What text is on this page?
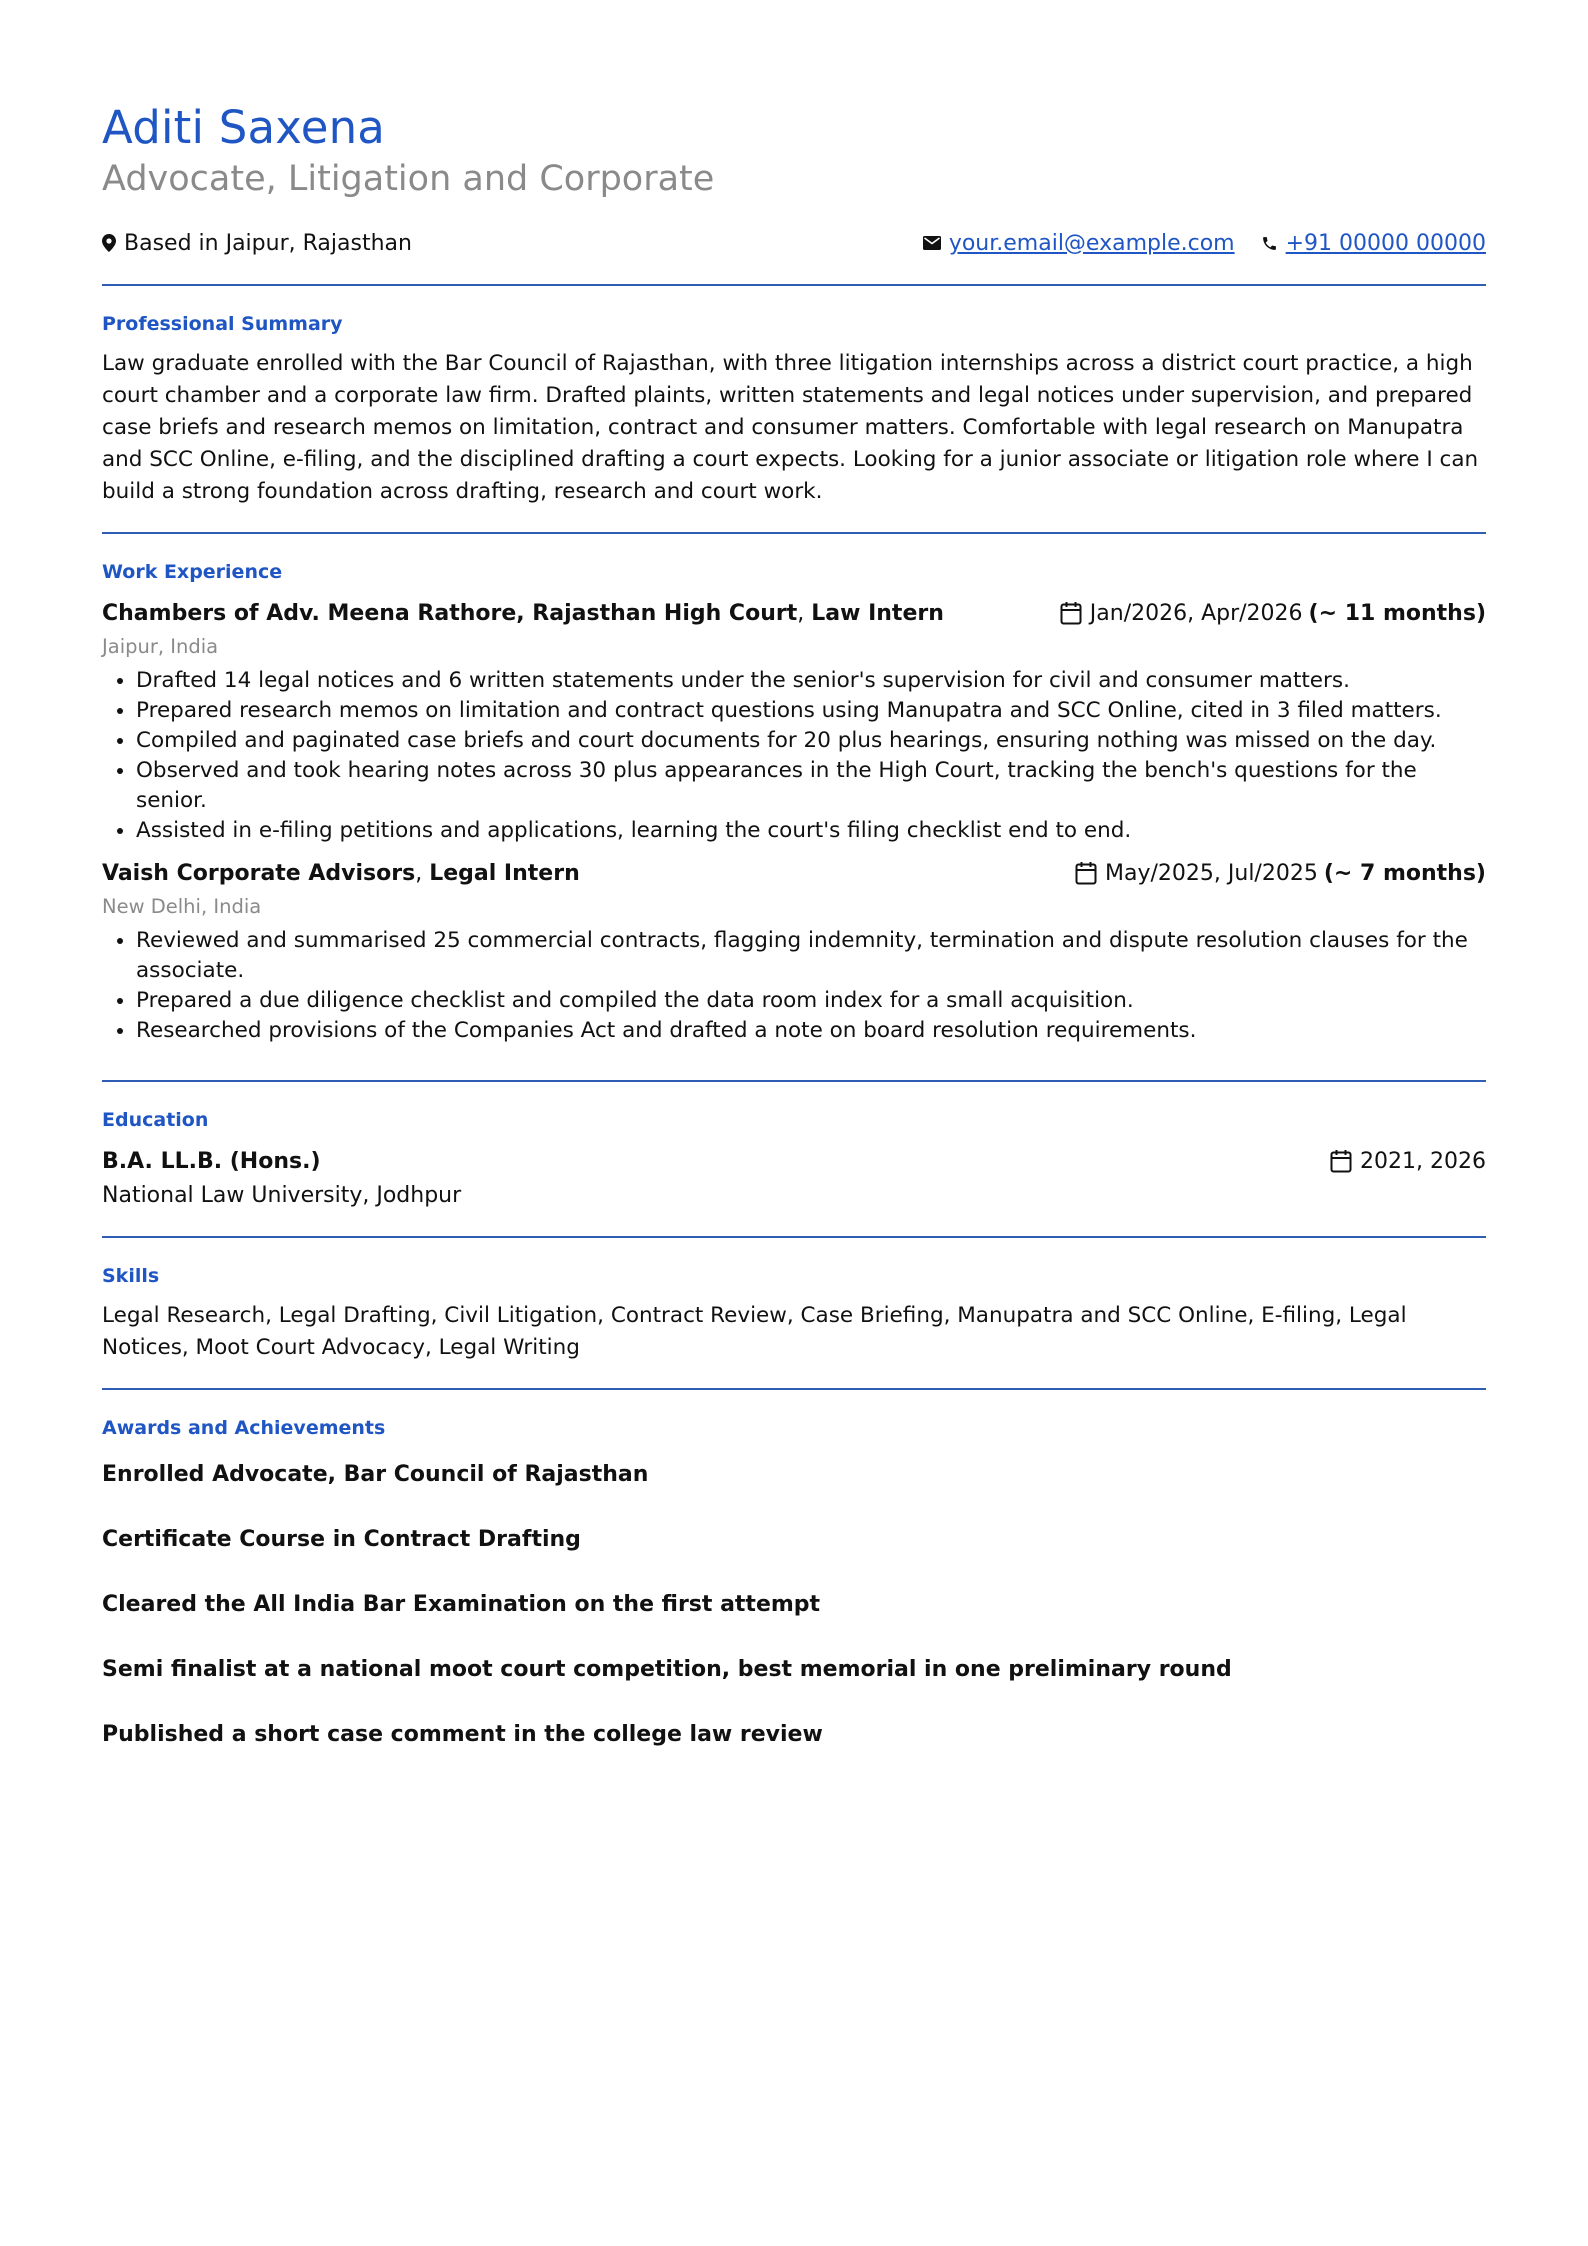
Aditi Saxena
Advocate, Litigation and Corporate
Based in Jaipur, Rajasthan	your.email@example.com +91 00000 00000
Professional Summary

Law graduate enrolled with the Bar Council of Rajasthan, with three litigation internships across a district court practice, a high court chamber and a corporate law firm. Drafted plaints, written statements and legal notices under supervision, and prepared case briefs and research memos on limitation, contract and consumer matters. Comfortable with legal research on Manupatra and SCC Online, e-filing, and the disciplined drafting a court expects. Looking for a junior associate or litigation role where I can build a strong foundation across drafting, research and court work.

Work Experience
Chambers of Adv. Meena Rathore, Rajasthan High Court, Law Intern	Jan/2026, Apr/2026 (~ 11 months)
Jaipur, India
• Drafted 14 legal notices and 6 written statements under the senior's supervision for civil and consumer matters.
• Prepared research memos on limitation and contract questions using Manupatra and SCC Online, cited in 3 filed matters.
• Compiled and paginated case briefs and court documents for 20 plus hearings, ensuring nothing was missed on the day.
• Observed and took hearing notes across 30 plus appearances in the High Court, tracking the bench's questions for the senior.
• Assisted in e-filing petitions and applications, learning the court's filing checklist end to end.
Vaish Corporate Advisors, Legal Intern	May/2025, Jul/2025 (~ 7 months)
New Delhi, India
• Reviewed and summarised 25 commercial contracts, flagging indemnity, termination and dispute resolution clauses for the associate.
• Prepared a due diligence checklist and compiled the data room index for a small acquisition.
• Researched provisions of the Companies Act and drafted a note on board resolution requirements.
Education
B.A. LL.B. (Hons.)	2021, 2026
National Law University, Jodhpur
Skills

Legal Research, Legal Drafting, Civil Litigation, Contract Review, Case Briefing, Manupatra and SCC Online, E-filing, Legal Notices, Moot Court Advocacy, Legal Writing

Awards and Achievements
Enrolled Advocate, Bar Council of Rajasthan
Certificate Course in Contract Drafting
Cleared the All India Bar Examination on the first attempt
Semi finalist at a national moot court competition, best memorial in one preliminary round
Published a short case comment in the college law review
